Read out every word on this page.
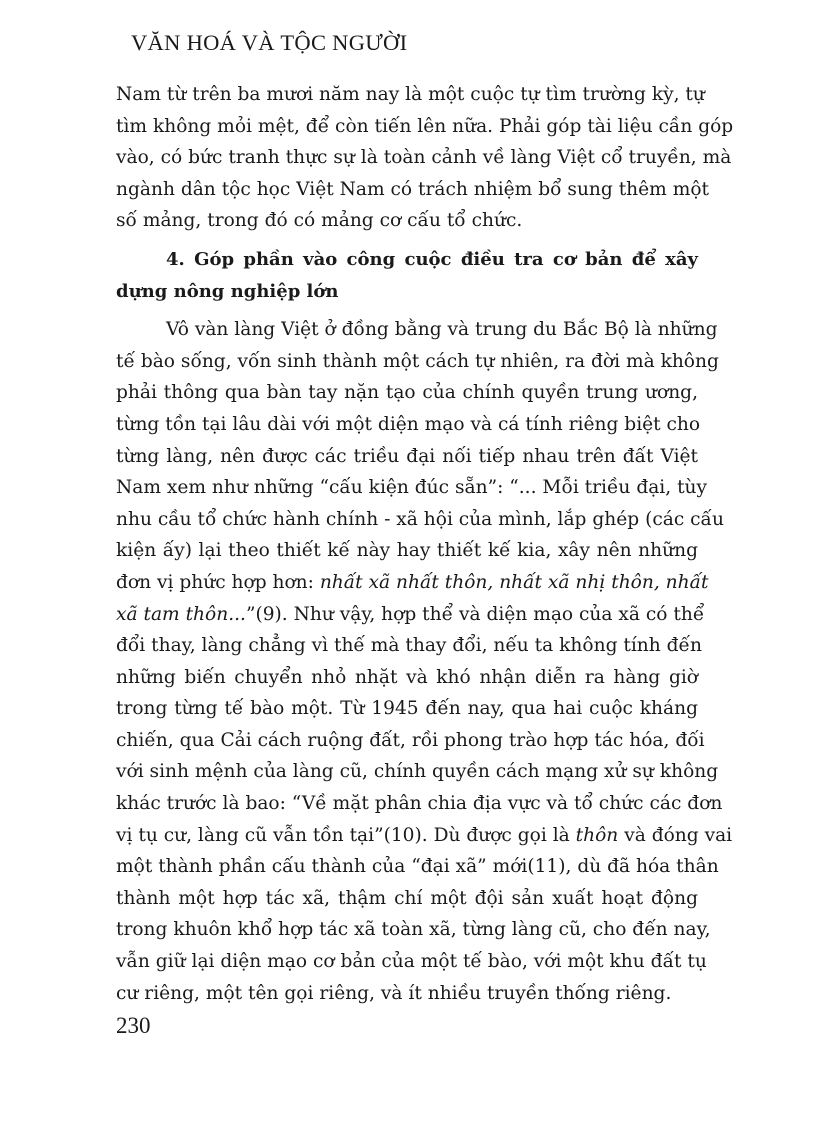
VĂN HOÁ VÀ TỘC NGƯỜI
Nam từ trên ba mươi năm nay là một cuộc tự tìm trường kỳ, tự
tìm không mỏi mệt, để còn tiến lên nữa. Phải góp tài liệu cần góp
vào, có bức tranh thực sự là toàn cảnh về làng Việt cổ truyền, mà
ngành dân tộc học Việt Nam có trách nhiệm bổ sung thêm một
số mảng, trong đó có mảng cơ cấu tổ chức.
4. Góp phần vào công cuộc điều tra cơ bản để xây
dựng nông nghiệp lớn
Vô vàn làng Việt ở đồng bằng và trung du Bắc Bộ là những
tế bào sống, vốn sinh thành một cách tự nhiên, ra đời mà không
phải thông qua bàn tay nặn tạo của chính quyền trung ương,
từng tồn tại lâu dài với một diện mạo và cá tính riêng biệt cho
từng làng, nên được các triều đại nối tiếp nhau trên đất Việt
Nam xem như những “cấu kiện đúc sẵn”: “... Mỗi triều đại, tùy
nhu cầu tổ chức hành chính - xã hội của mình, lắp ghép (các cấu
kiện ấy) lại theo thiết kế này hay thiết kế kia, xây nên những
đơn vị phức hợp hơn: nhất xã nhất thôn, nhất xã nhị thôn, nhất
xã tam thôn...”(9). Như vậy, hợp thể và diện mạo của xã có thể
đổi thay, làng chẳng vì thế mà thay đổi, nếu ta không tính đến
những biến chuyển nhỏ nhặt và khó nhận diễn ra hàng giờ
trong từng tế bào một. Từ 1945 đến nay, qua hai cuộc kháng
chiến, qua Cải cách ruộng đất, rồi phong trào hợp tác hóa, đối
với sinh mệnh của làng cũ, chính quyền cách mạng xử sự không
khác trước là bao: “Về mặt phân chia địa vực và tổ chức các đơn
vị tụ cư, làng cũ vẫn tồn tại”(10). Dù được gọi là thôn và đóng vai
một thành phần cấu thành của “đại xã” mới(11), dù đã hóa thân
thành một hợp tác xã, thậm chí một đội sản xuất hoạt động
trong khuôn khổ hợp tác xã toàn xã, từng làng cũ, cho đến nay,
vẫn giữ lại diện mạo cơ bản của một tế bào, với một khu đất tụ
cư riêng, một tên gọi riêng, và ít nhiều truyền thống riêng.
230
